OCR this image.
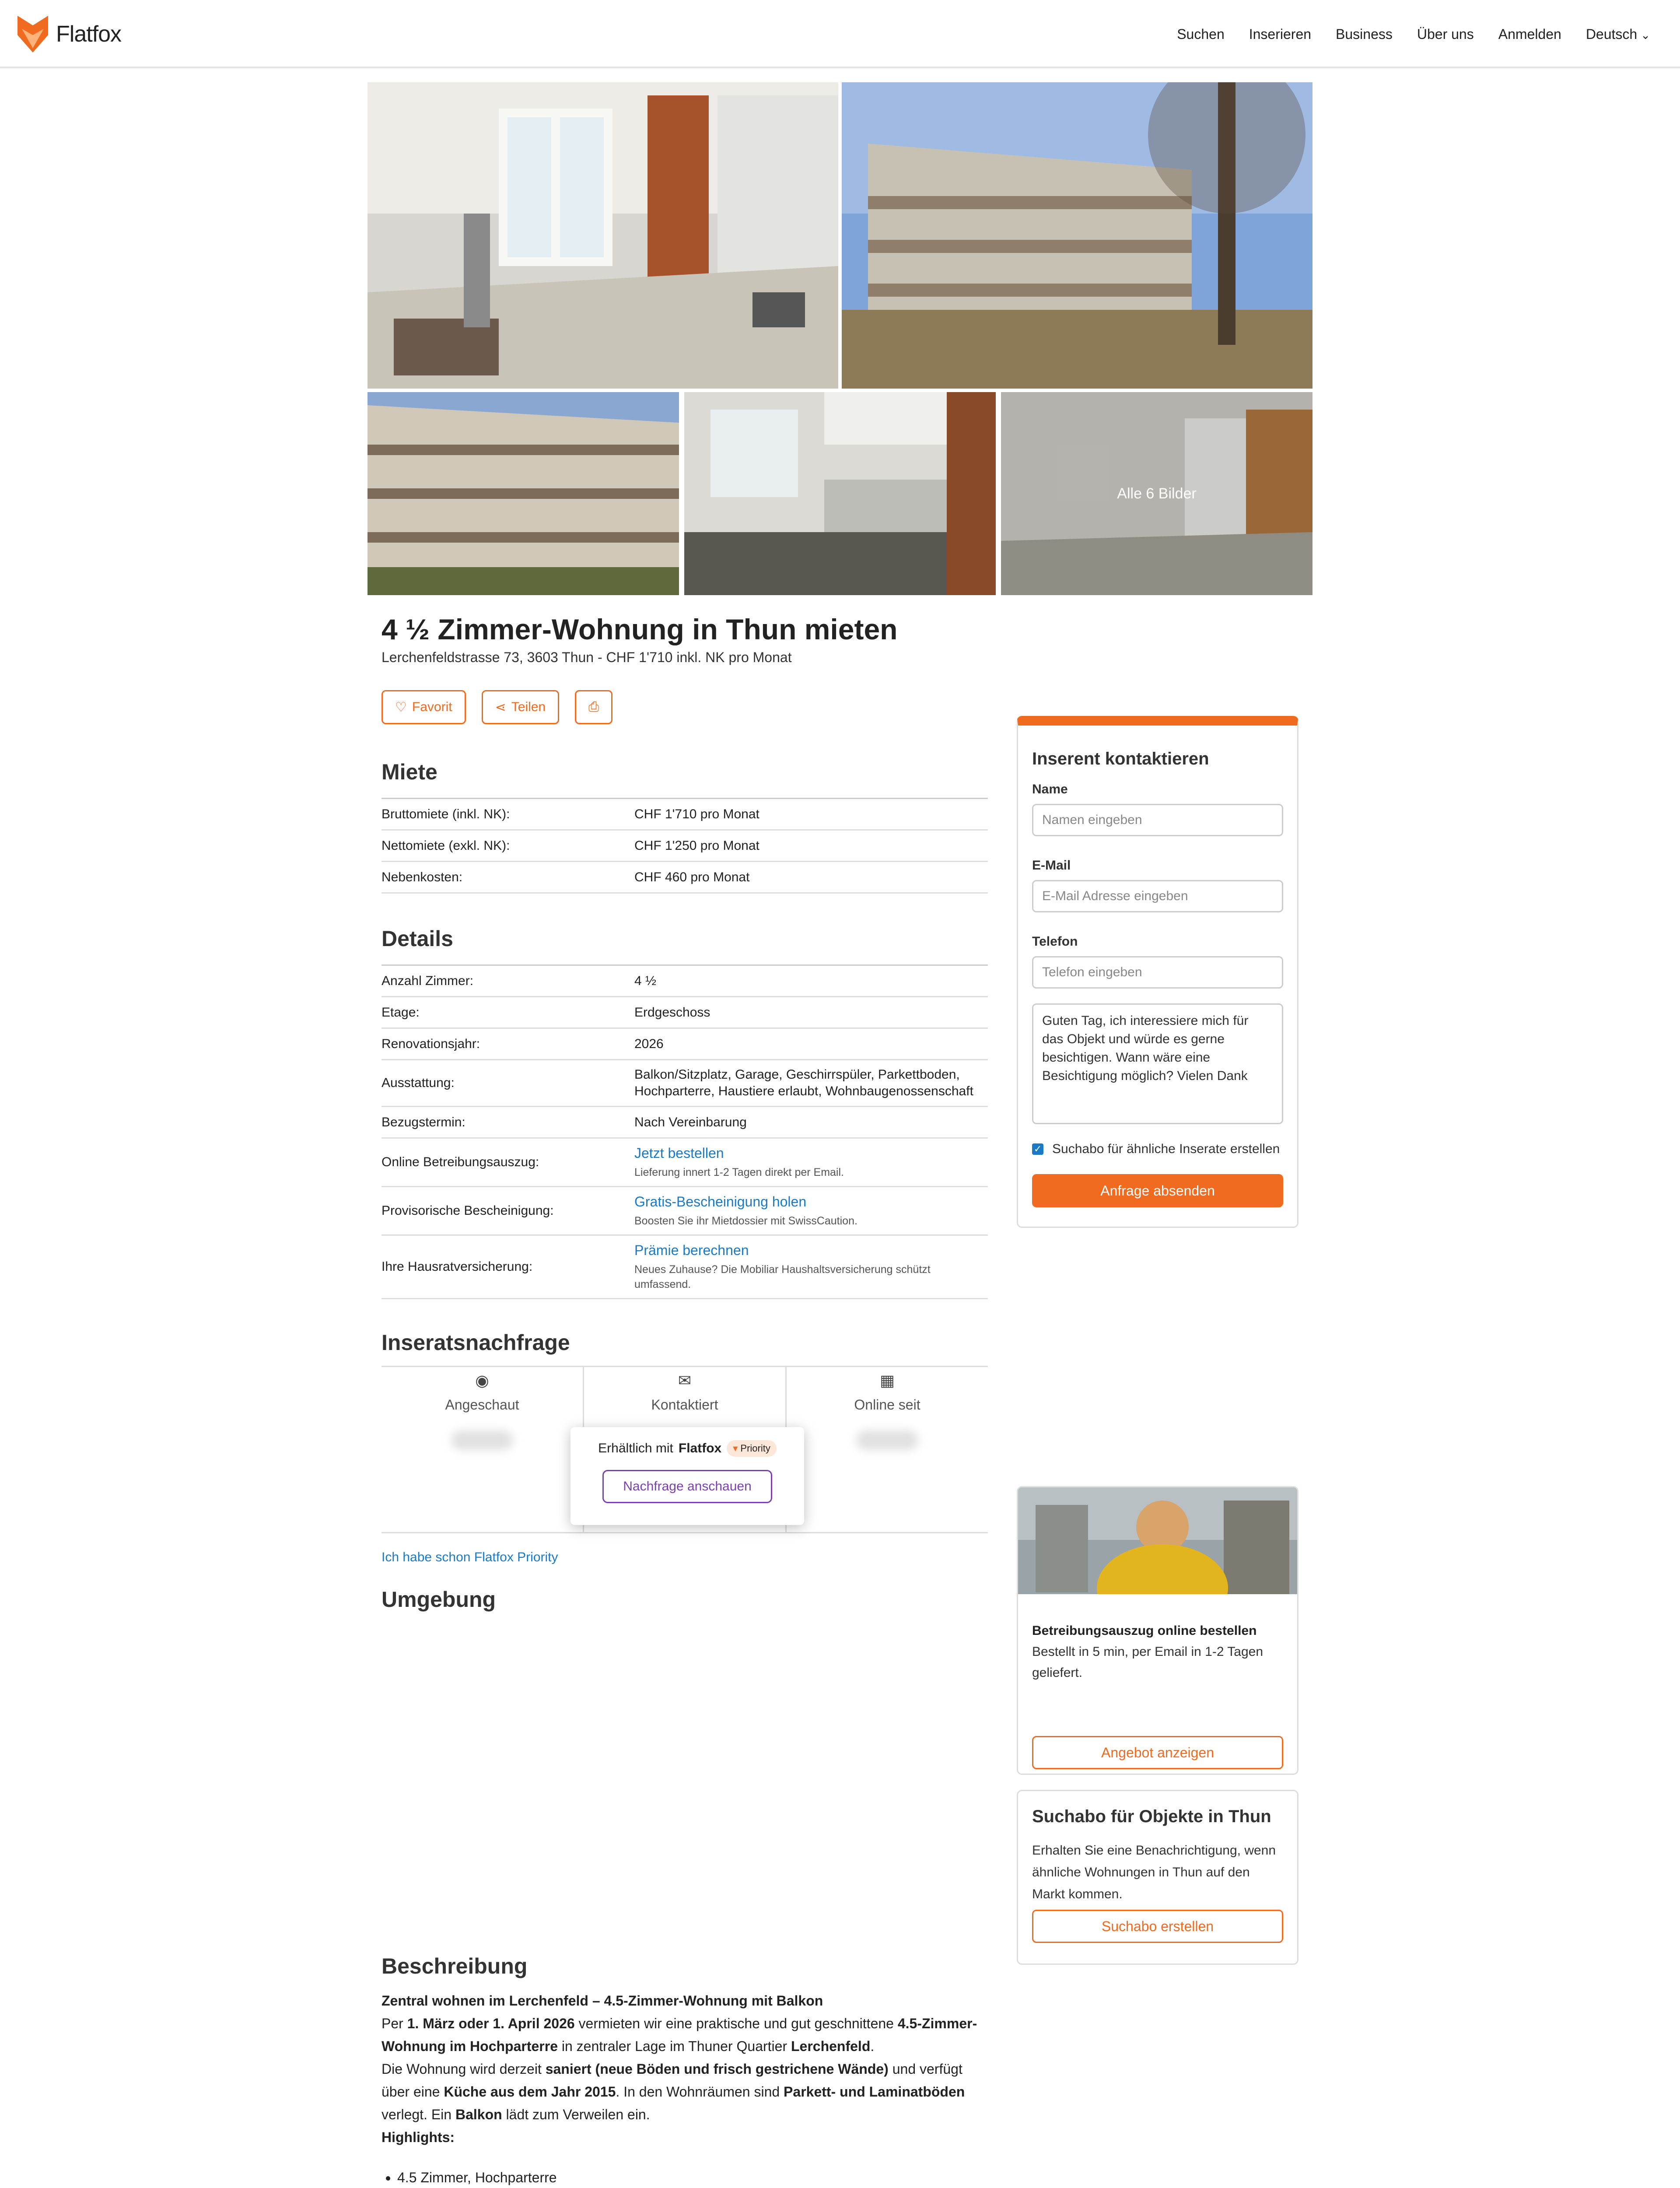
Flatfox	Suchen	Inserieren	Business	Über uns	Anmelden	Deutsch ⌄
Alle 6 Bilder
4 ½ Zimmer-Wohnung in Thun mieten
Lerchenfeldstrasse 73, 3603 Thun - CHF 1'710 inkl. NK pro Monat
♡ Favorit	⋖ Teilen	⎙
Miete
Bruttomiete (inkl. NK):	CHF 1'710 pro Monat
Nettomiete (exkl. NK):	CHF 1'250 pro Monat
Nebenkosten:	CHF 460 pro Monat
Details
Anzahl Zimmer:	4 ½
Etage:	Erdgeschoss
Renovationsjahr:	2026
Ausstattung:
Balkon/Sitzplatz, Garage, Geschirrspüler, Parkettboden, Hochparterre, Haustiere erlaubt, Wohnbaugenossenschaft
Bezugstermin:	Nach Vereinbarung
Online Betreibungsauszug:
Jetzt bestellen
Lieferung innert 1-2 Tagen direkt per Email.
Provisorische Bescheinigung:
Gratis-Bescheinigung holen
Boosten Sie ihr Mietdossier mit SwissCaution.
Ihre Hausratversicherung:
Prämie berechnen
Neues Zuhause? Die Mobiliar Haushaltsversicherung schützt umfassend.
Inseratsnachfrage
◉
Angeschaut
✉
Kontaktiert
▦
Online seit
Erhältlich mit Flatfox	▾ Priority
Nachfrage anschauen
Ich habe schon Flatfox Priority
Umgebung
Beschreibung

Zentral wohnen im Lerchenfeld – 4.5-Zimmer-Wohnung mit Balkon

Per 1. März oder 1. April 2026 vermieten wir eine praktische und gut geschnittene 4.5-Zimmer-Wohnung im Hochparterre in zentraler Lage im Thuner Quartier Lerchenfeld.

Die Wohnung wird derzeit saniert (neue Böden und frisch gestrichene Wände) und verfügt über eine Küche aus dem Jahr 2015. In den Wohnräumen sind Parkett- und Laminatböden verlegt. Ein Balkon lädt zum Verweilen ein.

Highlights:

• 4.5 Zimmer, Hochparterre

Inserent kontaktieren
Name
Namen eingeben
E-Mail
E-Mail Adresse eingeben
Telefon
Telefon eingeben
Guten Tag, ich interessiere mich für das Objekt und würde es gerne besichtigen. Wann wäre eine Besichtigung möglich? Vielen Dank
✓ Suchabo für ähnliche Inserate erstellen
Anfrage absenden
Betreibungsauszug online bestellen
Bestellt in 5 min, per Email in 1-2 Tagen geliefert.
Angebot anzeigen
Suchabo für Objekte in Thun
Erhalten Sie eine Benachrichtigung, wenn ähnliche Wohnungen in Thun auf den Markt kommen.
Suchabo erstellen
